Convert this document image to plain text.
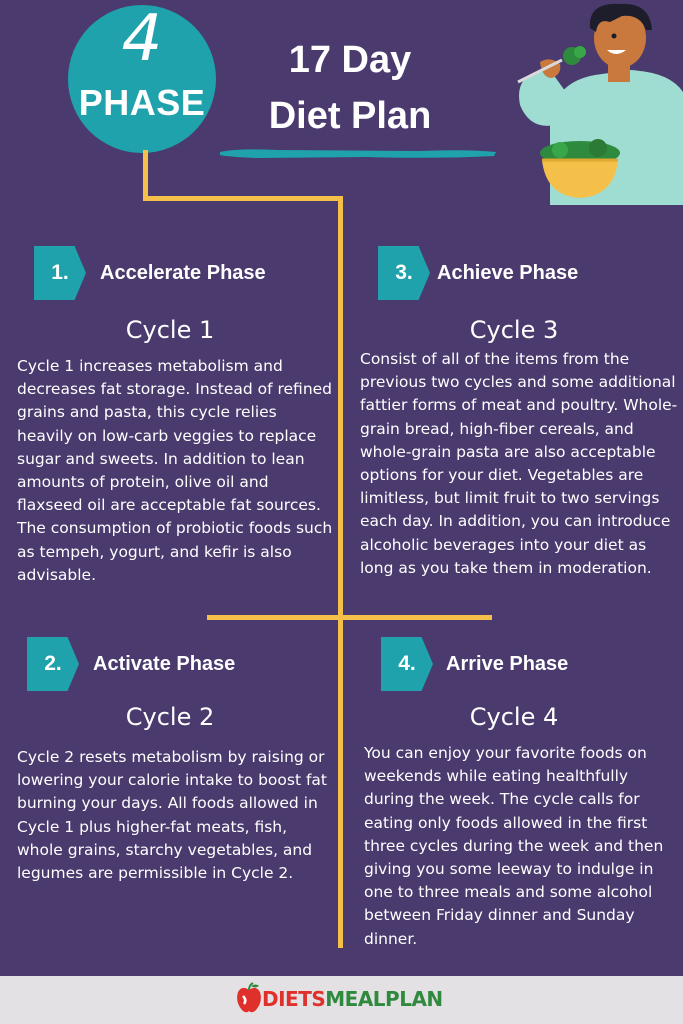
4
PHASE
17 Day
Diet Plan
1.	Accelerate Phase
Cycle 1
Cycle 1 increases metabolism and decreases fat storage. Instead of refined grains and pasta, this cycle relies heavily on low-carb veggies to replace sugar and sweets. In addition to lean amounts of protein, olive oil and flaxseed oil are acceptable fat sources. The consumption of probiotic foods such as tempeh, yogurt, and kefir is also advisable.
3.	Achieve Phase
Cycle 3
Consist of all of the items from the previous two cycles and some additional fattier forms of meat and poultry. Whole-grain bread, high-fiber cereals, and whole-grain pasta are also acceptable options for your diet. Vegetables are limitless, but limit fruit to two servings each day. In addition, you can introduce alcoholic beverages into your diet as long as you take them in moderation.
2.	Activate Phase
Cycle 2
Cycle 2 resets metabolism by raising or lowering your calorie intake to boost fat burning your days. All foods allowed in Cycle 1 plus higher-fat meats, fish, whole grains, starchy vegetables, and legumes are permissible in Cycle 2.
4.	Arrive Phase
Cycle 4
You can enjoy your favorite foods on weekends while eating healthfully during the week. The cycle calls for eating only foods allowed in the first three cycles during the week and then giving you some leeway to indulge in one to three meals and some alcohol between Friday dinner and Sunday dinner.
DIETSMEALPLAN
